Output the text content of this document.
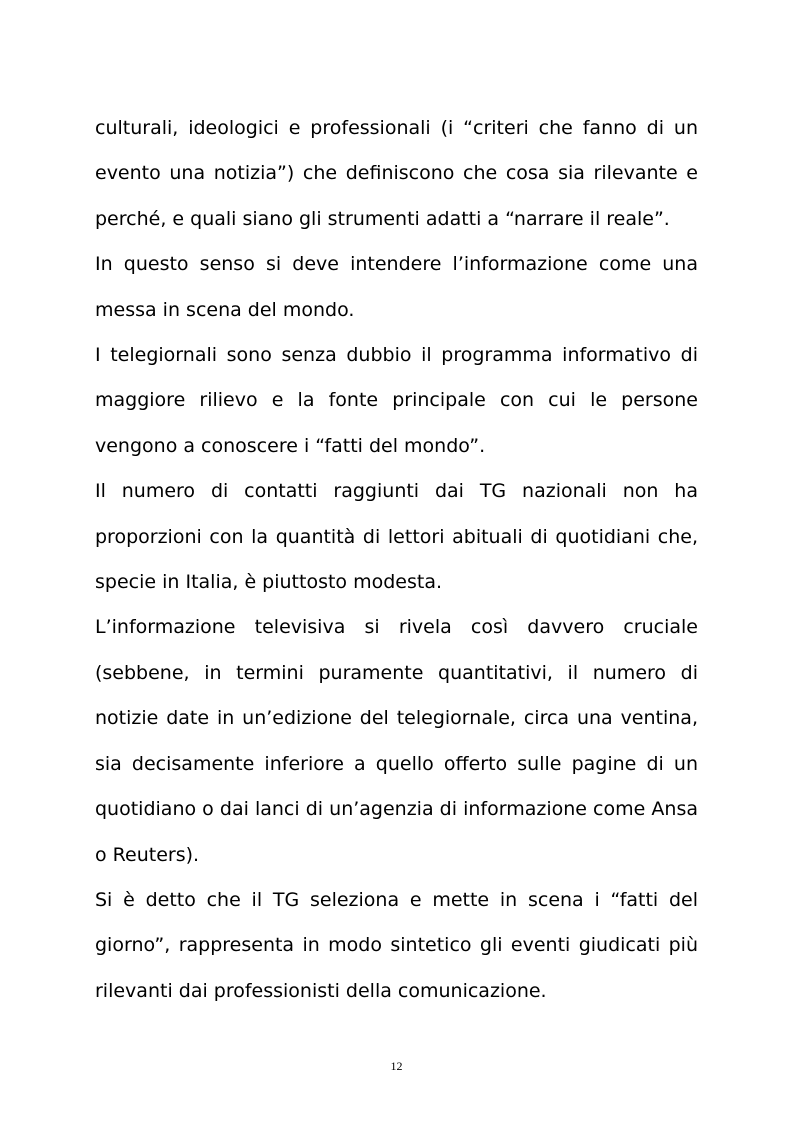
culturali, ideologici e professionali (i “criteri che fanno di un evento una notizia”) che definiscono che cosa sia rilevante e perché, e quali siano gli strumenti adatti a “narrare il reale”.

In questo senso si deve intendere l’informazione come una messa in scena del mondo.

I telegiornali sono senza dubbio il programma informativo di maggiore rilievo e la fonte principale con cui le persone vengono a conoscere i “fatti del mondo”.

Il numero di contatti raggiunti dai TG nazionali non ha proporzioni con la quantità di lettori abituali di quotidiani che, specie in Italia, è piuttosto modesta.

L’informazione televisiva si rivela così davvero cruciale (sebbene, in termini puramente quantitativi, il numero di notizie date in un’edizione del telegiornale, circa una ventina, sia decisamente inferiore a quello offerto sulle pagine di un quotidiano o dai lanci di un’agenzia di informazione come Ansa o Reuters).

Si è detto che il TG seleziona e mette in scena i “fatti del giorno”, rappresenta in modo sintetico gli eventi giudicati più rilevanti dai professionisti della comunicazione.

12
